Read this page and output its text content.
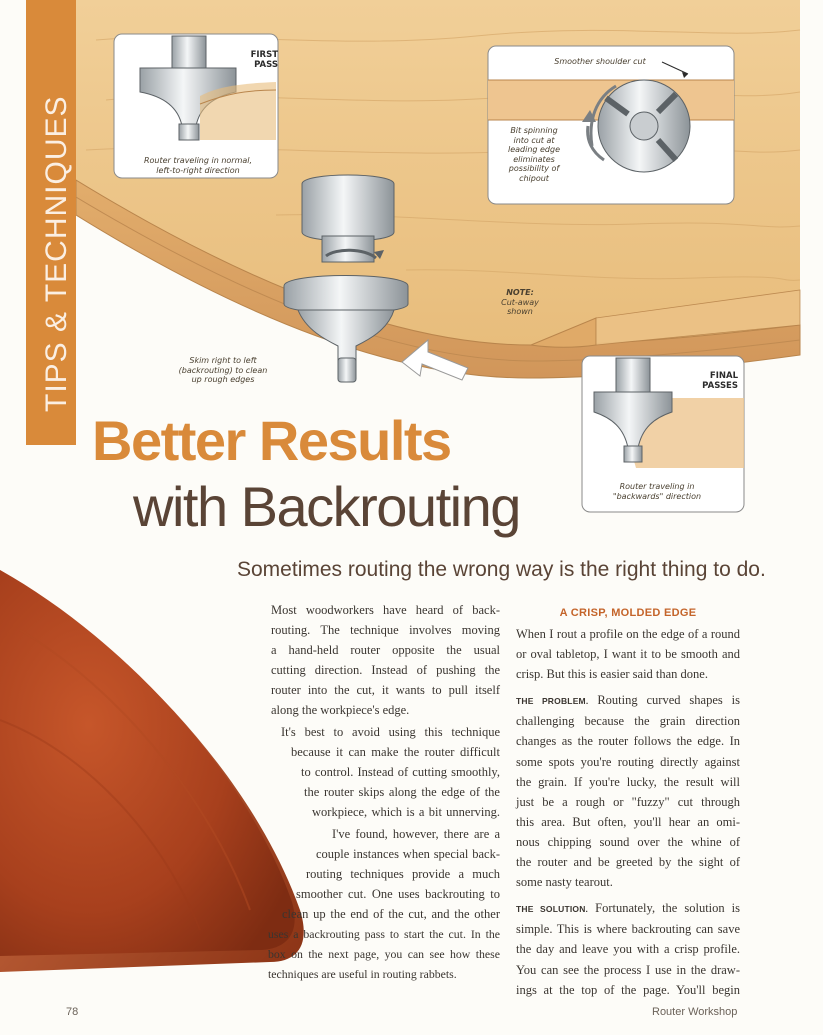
TIPS & TECHNIQUES
FIRST
PASS
Router traveling in normal,
left-to-right direction
Smoother shoulder cut
Bit spinning
into cut at
leading edge
eliminates
possibility of
chipout
NOTE:
Cut-away
shown
Skim right to left
(backrouting) to clean
up rough edges	FINAL
PASSES
Router traveling in
"backwards" direction
Better Results
with Backrouting

Sometimes routing the wrong way is the right thing to do.

Most woodworkers have heard of back-
routing. The technique involves moving
a hand-held router opposite the usual
cutting direction. Instead of pushing the
router into the cut, it wants to pull itself
along the workpiece's edge.
It's best to avoid using this technique
because it can make the router difficult
to control. Instead of cutting smoothly,
the router skips along the edge of the
workpiece, which is a bit unnerving.
I've found, however, there are a
couple instances when special back-
routing techniques provide a much
smoother cut. One uses backrouting to
clean up the end of the cut, and the other
uses a backrouting pass to start the cut. In the
box on the next page, you can see how these
techniques are useful in routing rabbets.
A CRISP, MOLDED EDGE
When I rout a profile on the edge of a round
or oval tabletop, I want it to be smooth and
crisp. But this is easier said than done.
THE PROBLEM. Routing curved shapes is
challenging because the grain direction
changes as the router follows the edge. In
some spots you're routing directly against
the grain. If you're lucky, the result will
just be a rough or "fuzzy" cut through
this area. But often, you'll hear an omi-
nous chipping sound over the whine of
the router and be greeted by the sight of
some nasty tearout.
THE SOLUTION. Fortunately, the solution is
simple. This is where backrouting can save
the day and leave you with a crisp profile.
You can see the process I use in the draw-
ings at the top of the page. You'll begin
78	Router Workshop
